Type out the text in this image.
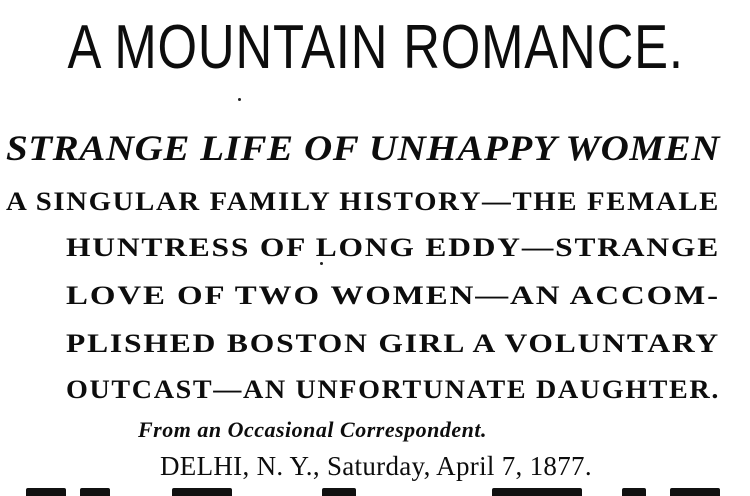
A MOUNTAIN ROMANCE.
STRANGE LIFE OF UNHAPPY WOMEN
A SINGULAR FAMILY HISTORY—THE FEMALE
HUNTRESS OF LONG EDDY—STRANGE
LOVE OF TWO WOMEN—AN ACCOM-
PLISHED BOSTON GIRL A VOLUNTARY
OUTCAST—AN UNFORTUNATE DAUGHTER.
From an Occasional Correspondent.
DELHI, N. Y., Saturday, April 7, 1877.
